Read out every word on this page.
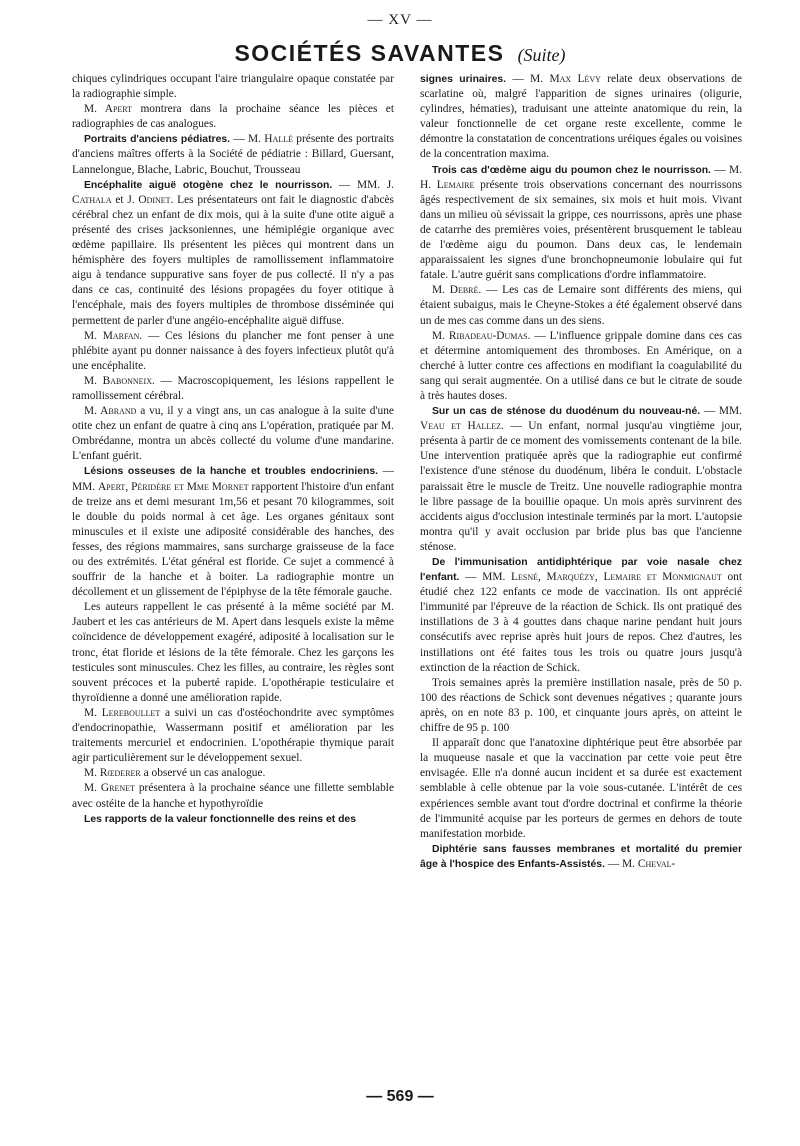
— XV —
SOCIÉTÉS SAVANTES (Suite)

chiques cylindriques occupant l'aire triangulaire opaque constatée par la radiographie simple.

M. Apert montrera dans la prochaine séance les pièces et radiographies de cas analogues.

Portraits d'anciens pédiatres. — M. Hallé présente des portraits d'anciens maîtres offerts à la Société de pédiatrie : Billard, Guersant, Lannelongue, Blache, Labric, Bouchut, Trousseau

Encéphalite aiguë otogène chez le nourrisson. — MM. J. Cathala et J. Odinet. Les présentateurs ont fait le diagnostic d'abcès cérébral chez un enfant de dix mois, qui à la suite d'une otite aiguë a présenté des crises jacksoniennes, une hémiplégie organique avec œdème papillaire. Ils présentent les pièces qui montrent dans un hémisphère des foyers multiples de ramollissement inflammatoire aigu à tendance suppurative sans foyer de pus collecté. Il n'y a pas dans ce cas, continuité des lésions propagées du foyer otitique à l'encéphale, mais des foyers multiples de thrombose disséminée qui permettent de parler d'une angéio-encéphalite aiguë diffuse.

M. Marfan. — Ces lésions du plancher me font penser à une phlébite ayant pu donner naissance à des foyers infectieux plutôt qu'à une encéphalite.

M. Babonneix. — Macroscopiquement, les lésions rappellent le ramollissement cérébral.

M. Abrand a vu, il y a vingt ans, un cas analogue à la suite d'une otite chez un enfant de quatre à cinq ans L'opération, pratiquée par M. Ombrédanne, montra un abcès collecté du volume d'une mandarine. L'enfant guérit.

Lésions osseuses de la hanche et troubles endocriniens. — MM. Apert, Péridère et Mme Mornet rapportent l'histoire d'un enfant de treize ans et demi mesurant 1m,56 et pesant 70 kilogrammes, soit le double du poids normal à cet âge. Les organes génitaux sont minuscules et il existe une adiposité considérable des hanches, des fesses, des régions mammaires, sans surcharge graisseuse de la face ou des extrémités. L'état général est floride. Ce sujet a commencé à souffrir de la hanche et à boiter. La radiographie montre un décollement et un glissement de l'épiphyse de la tête fémorale gauche.

Les auteurs rappellent le cas présenté à la même société par M. Jaubert et les cas antérieurs de M. Apert dans lesquels existe la même coïncidence de développement exagéré, adiposité à localisation sur le tronc, état floride et lésions de la tête fémorale. Chez les garçons les testicules sont minuscules. Chez les filles, au contraire, les règles sont souvent précoces et la puberté rapide. L'opothérapie testiculaire et thyroïdienne a donné une amélioration rapide.

M. Lereboullet a suivi un cas d'ostéochondrite avec symptômes d'endocrinopathie, Wassermann positif et amélioration par les traitements mercuriel et endocrinien. L'opothérapie thymique parait agir particulièrement sur le développement sexuel.

M. Rœderer a observé un cas analogue.

M. Grenet présentera à la prochaine séance une fillette semblable avec ostéite de la hanche et hypothyroïdie

Les rapports de la valeur fonctionnelle des reins et des

signes urinaires. — M. Max Lévy relate deux observations de scarlatine où, malgré l'apparition de signes urinaires (oligurie, cylindres, hématies), traduisant une atteinte anatomique du rein, la valeur fonctionnelle de cet organe reste excellente, comme le démontre la constatation de concentrations uréiques égales ou voisines de la concentration maxima.

Trois cas d'œdème aigu du poumon chez le nourrisson. — M. H. Lemaire présente trois observations concernant des nourrissons âgés respectivement de six semaines, six mois et huit mois. Vivant dans un milieu où sévissait la grippe, ces nourrissons, après une phase de catarrhe des premières voies, présentèrent brusquement le tableau de l'œdème aigu du poumon. Dans deux cas, le lendemain apparaissaient les signes d'une bronchopneumonie lobulaire qui fut fatale. L'autre guérit sans complications d'ordre inflammatoire.

M. Debré. — Les cas de Lemaire sont différents des miens, qui étaient subaigus, mais le Cheyne-Stokes a été également observé dans un de mes cas comme dans un des siens.

M. Ribadeau-Dumas. — L'influence grippale domine dans ces cas et détermine antomiquement des thromboses. En Amérique, on a cherché à lutter contre ces affections en modifiant la coagulabilité du sang qui serait augmentée. On a utilisé dans ce but le citrate de soude à très hautes doses.

Sur un cas de sténose du duodénum du nouveau-né. — MM. Veau et Hallez. — Un enfant, normal jusqu'au vingtième jour, présenta à partir de ce moment des vomissements contenant de la bile. Une intervention pratiquée après que la radiographie eut confirmé l'existence d'une sténose du duodénum, libéra le conduit. L'obstacle paraissait être le muscle de Treitz. Une nouvelle radiographie montra le libre passage de la bouillie opaque. Un mois après survinrent des accidents aigus d'occlusion intestinale terminés par la mort. L'autopsie montra qu'il y avait occlusion par bride plus bas que l'ancienne sténose.

De l'immunisation antidiphtérique par voie nasale chez l'enfant. — MM. Lesné, Marquézy, Lemaire et Monmignaut ont étudié chez 122 enfants ce mode de vaccination. Ils ont apprécié l'immunité par l'épreuve de la réaction de Schick. Ils ont pratiqué des instillations de 3 à 4 gouttes dans chaque narine pendant huit jours consécutifs avec reprise après huit jours de repos. Chez d'autres, les instillations ont été faites tous les trois ou quatre jours jusqu'à extinction de la réaction de Schick.

Trois semaines après la première instillation nasale, près de 50 p. 100 des réactions de Schick sont devenues négatives ; quarante jours après, on en note 83 p. 100, et cinquante jours après, on atteint le chiffre de 95 p. 100

Il apparaît donc que l'anatoxine diphtérique peut être absorbée par la muqueuse nasale et que la vaccination par cette voie peut être envisagée. Elle n'a donné aucun incident et sa durée est exactement semblable à celle obtenue par la voie sous-cutanée. L'intérêt de ces expériences semble avant tout d'ordre doctrinal et confirme la théorie de l'immunité acquise par les porteurs de germes en dehors de toute manifestation morbide.

Diphtérie sans fausses membranes et mortalité du premier âge à l'hospice des Enfants-Assistés. — M. Cheval-

— 569 —
